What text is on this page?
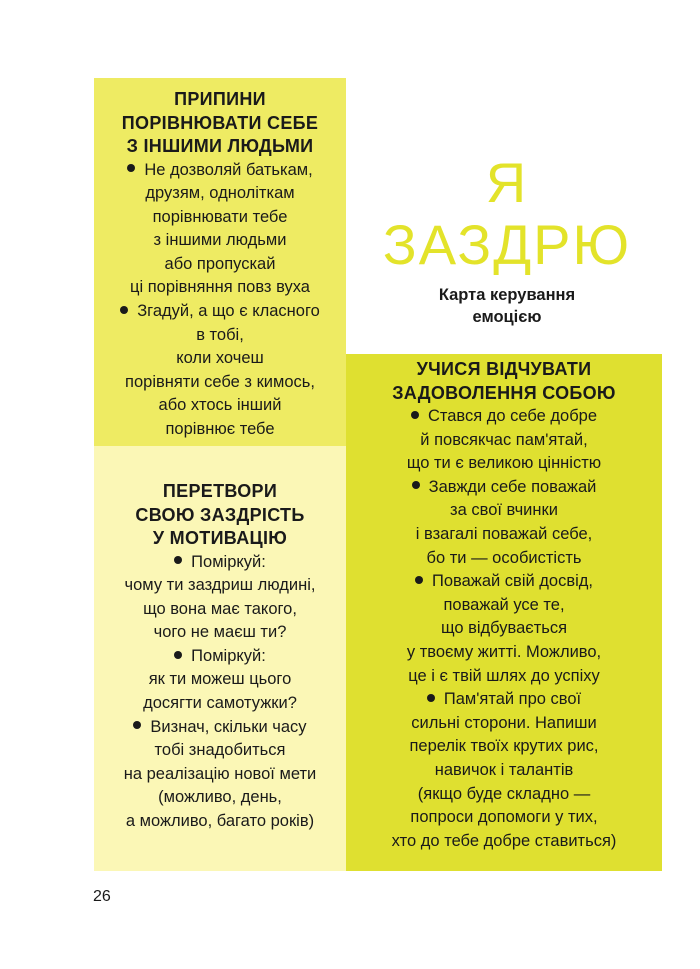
ПРИПИНИ
ПОРІВНЮВАТИ СЕБЕ
З ІНШИМИ ЛЮДЬМИ
Не дозволяй батькам,
друзям, одноліткам
порівнювати тебе
з іншими людьми
або пропускай
ці порівняння повз вуха
Згадуй, а що є класного
в тобі,
коли хочеш
порівняти себе з кимось,
або хтось інший
порівнює тебе
ПЕРЕТВОРИ
СВОЮ ЗАЗДРІСТЬ
У МОТИВАЦІЮ
Поміркуй:
чому ти заздриш людині,
що вона має такого,
чого не маєш ти?
Поміркуй:
як ти можеш цього
досягти самотужки?
Визнач, скільки часу
тобі знадобиться
на реалізацію нової мети
(можливо, день,
а можливо, багато років)
Я
ЗАЗДРЮ
Карта керування
емоцією
УЧИСЯ ВІДЧУВАТИ
ЗАДОВОЛЕННЯ СОБОЮ
Стався до себе добре
й повсякчас пам'ятай,
що ти є великою цінністю
Завжди себе поважай
за свої вчинки
і взагалі поважай себе,
бо ти — особистість
Поважай свій досвід,
поважай усе те,
що відбувається
у твоєму житті. Можливо,
це і є твій шлях до успіху
Пам'ятай про свої
сильні сторони. Напиши
перелік твоїх крутих рис,
навичок і талантів
(якщо буде складно —
попроси допомоги у тих,
хто до тебе добре ставиться)
26
